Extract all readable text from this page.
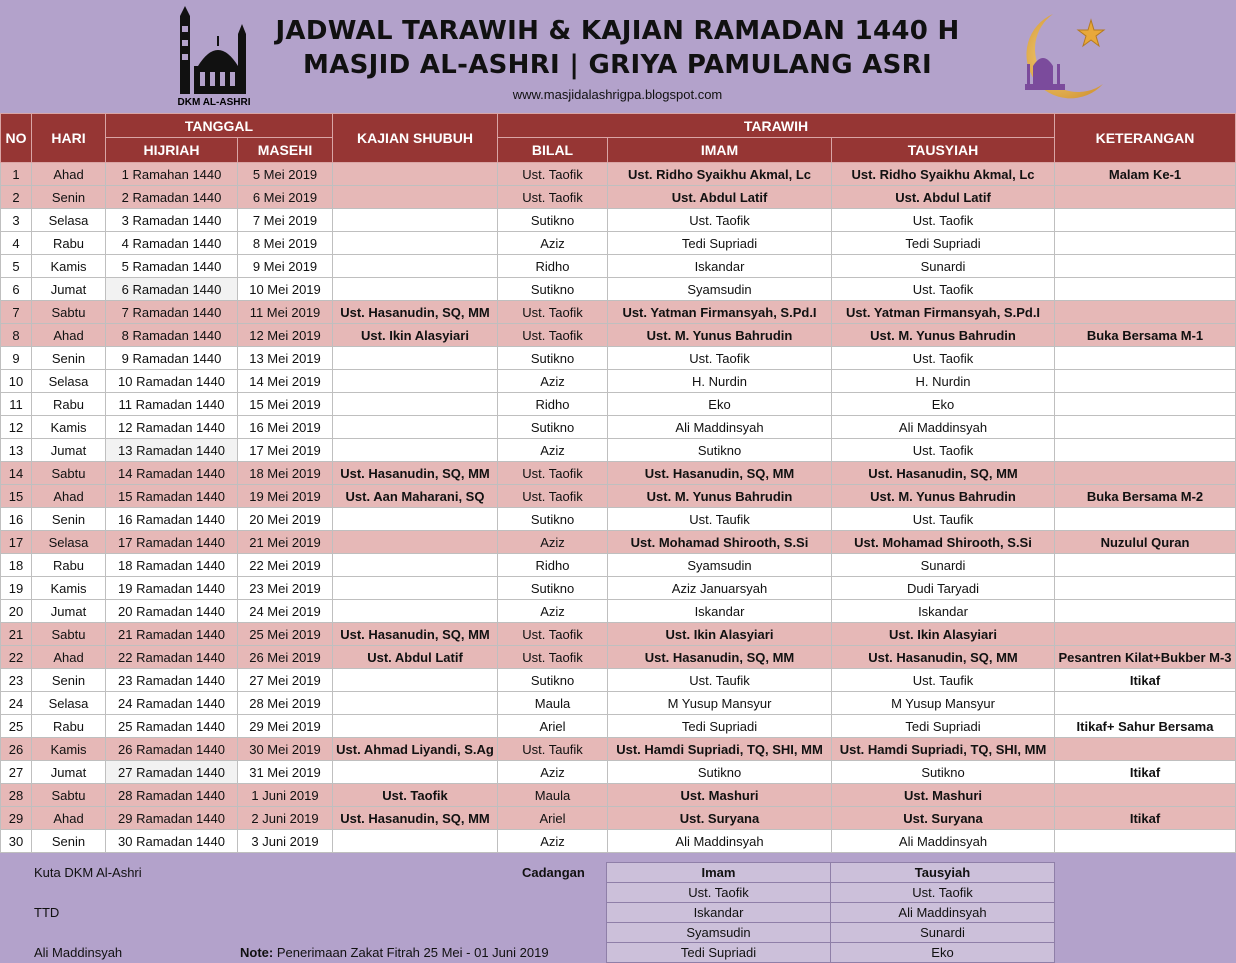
DKM AL-ASHRI
JADWAL TARAWIH & KAJIAN RAMADAN 1440 H
MASJID AL-ASHRI | GRIYA PAMULANG ASRI
www.masjidalashrigpa.blogspot.com
NO	HARI	TANGGAL		KAJIAN SHUBUH	TARAWIH			KETERANGAN
		HIJRIAH	MASEHI		BILAL	IMAM	TAUSYIAH	
1	Ahad	1 Ramahan 1440	5 Mei 2019		Ust. Taofik	Ust. Ridho Syaikhu Akmal, Lc	Ust. Ridho Syaikhu Akmal, Lc	Malam Ke-1
2	Senin	2 Ramadan 1440	6 Mei 2019		Ust. Taofik	Ust. Abdul Latif	Ust. Abdul Latif	
3	Selasa	3 Ramadan 1440	7 Mei 2019		Sutikno	Ust. Taofik	Ust. Taofik	
4	Rabu	4 Ramadan 1440	8 Mei 2019		Aziz	Tedi Supriadi	Tedi Supriadi	
5	Kamis	5 Ramadan 1440	9 Mei 2019		Ridho	Iskandar	Sunardi	
6	Jumat	6 Ramadan 1440	10 Mei 2019		Sutikno	Syamsudin	Ust. Taofik	
7	Sabtu	7 Ramadan 1440	11 Mei 2019	Ust. Hasanudin, SQ, MM	Ust. Taofik	Ust. Yatman Firmansyah, S.Pd.I	Ust. Yatman Firmansyah, S.Pd.I	
8	Ahad	8 Ramadan 1440	12 Mei 2019	Ust. Ikin Alasyiari	Ust. Taofik	Ust. M. Yunus Bahrudin	Ust. M. Yunus Bahrudin	Buka Bersama M-1
9	Senin	9 Ramadan 1440	13 Mei 2019		Sutikno	Ust. Taofik	Ust. Taofik	
10	Selasa	10 Ramadan 1440	14 Mei 2019		Aziz	H. Nurdin	H. Nurdin	
11	Rabu	11 Ramadan 1440	15 Mei 2019		Ridho	Eko	Eko	
12	Kamis	12 Ramadan 1440	16 Mei 2019		Sutikno	Ali Maddinsyah	Ali Maddinsyah	
13	Jumat	13 Ramadan 1440	17 Mei 2019		Aziz	Sutikno	Ust. Taofik	
14	Sabtu	14 Ramadan 1440	18 Mei 2019	Ust. Hasanudin, SQ, MM	Ust. Taofik	Ust. Hasanudin, SQ, MM	Ust. Hasanudin, SQ, MM	
15	Ahad	15 Ramadan 1440	19 Mei 2019	Ust. Aan Maharani, SQ	Ust. Taofik	Ust. M. Yunus Bahrudin	Ust. M. Yunus Bahrudin	Buka Bersama M-2
16	Senin	16 Ramadan 1440	20 Mei 2019		Sutikno	Ust. Taufik	Ust. Taufik	
17	Selasa	17 Ramadan 1440	21 Mei 2019		Aziz	Ust. Mohamad Shirooth, S.Si	Ust. Mohamad Shirooth, S.Si	Nuzulul Quran
18	Rabu	18 Ramadan 1440	22 Mei 2019		Ridho	Syamsudin	Sunardi	
19	Kamis	19 Ramadan 1440	23 Mei 2019		Sutikno	Aziz Januarsyah	Dudi Taryadi	
20	Jumat	20 Ramadan 1440	24 Mei 2019		Aziz	Iskandar	Iskandar	
21	Sabtu	21 Ramadan 1440	25 Mei 2019	Ust. Hasanudin, SQ, MM	Ust. Taofik	Ust. Ikin Alasyiari	Ust. Ikin Alasyiari	
22	Ahad	22 Ramadan 1440	26 Mei 2019	Ust. Abdul Latif	Ust. Taofik	Ust. Hasanudin, SQ, MM	Ust. Hasanudin, SQ, MM	Pesantren Kilat+Bukber M-3
23	Senin	23 Ramadan 1440	27 Mei 2019		Sutikno	Ust. Taufik	Ust. Taufik	Itikaf
24	Selasa	24 Ramadan 1440	28 Mei 2019		Maula	M Yusup Mansyur	M Yusup Mansyur	
25	Rabu	25 Ramadan 1440	29 Mei 2019		Ariel	Tedi Supriadi	Tedi Supriadi	Itikaf+ Sahur Bersama
26	Kamis	26 Ramadan 1440	30 Mei 2019	Ust. Ahmad Liyandi, S.Ag	Ust. Taufik	Ust. Hamdi Supriadi, TQ, SHI, MM	Ust. Hamdi Supriadi, TQ, SHI, MM	
27	Jumat	27 Ramadan 1440	31 Mei 2019		Aziz	Sutikno	Sutikno	Itikaf
28	Sabtu	28 Ramadan 1440	1 Juni 2019	Ust. Taofik	Maula	Ust. Mashuri	Ust. Mashuri	
29	Ahad	29 Ramadan 1440	2 Juni 2019	Ust. Hasanudin, SQ, MM	Ariel	Ust. Suryana	Ust. Suryana	Itikaf
30	Senin	30 Ramadan 1440	3 Juni 2019		Aziz	Ali Maddinsyah	Ali Maddinsyah	
Kuta DKM Al-Ashri
TTD
Ali Maddinsyah	Note: Penerimaan Zakat Fitrah 25 Mei - 01 Juni 2019
Cadangan	Imam	Tausyiah
Ust. Taofik	Ust. Taofik
Iskandar	Ali Maddinsyah
Syamsudin	Sunardi
Tedi Supriadi	Eko
